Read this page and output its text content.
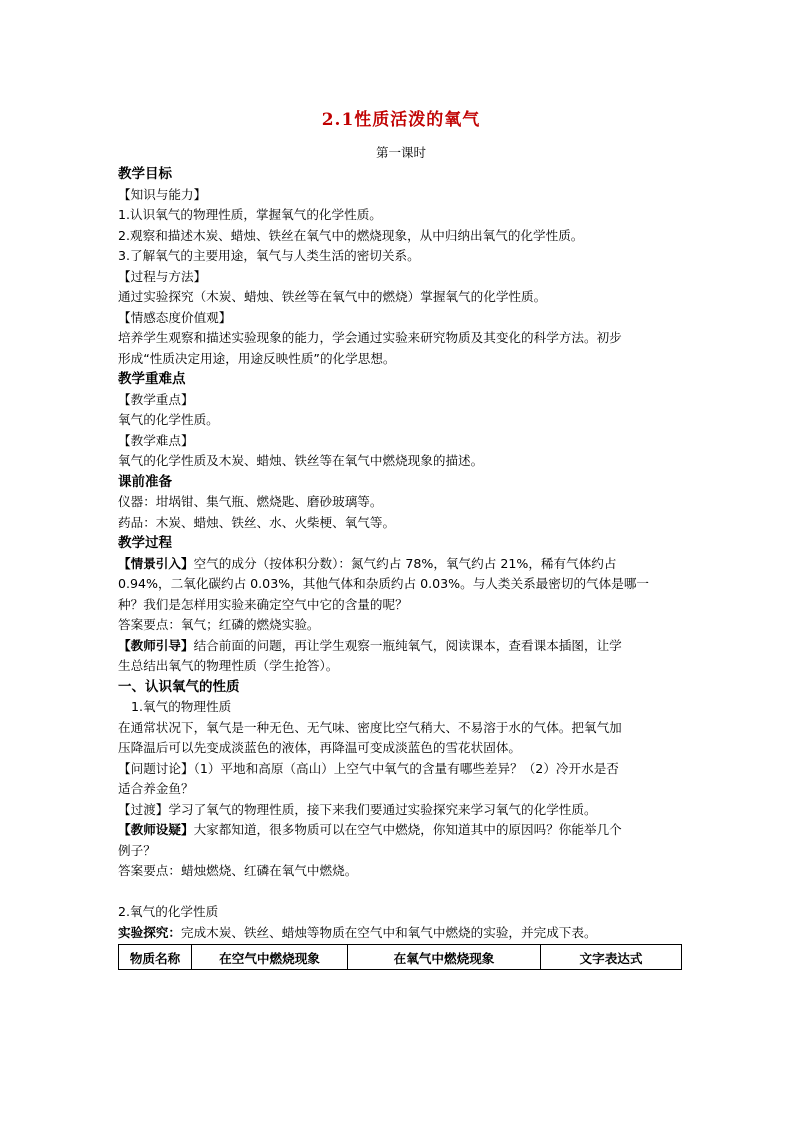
2.1性质活泼的氧气

第一课时

教学目标

【知识与能力】

1.认识氧气的物理性质，掌握氧气的化学性质。

2.观察和描述木炭、蜡烛、铁丝在氧气中的燃烧现象，从中归纳出氧气的化学性质。

3.了解氧气的主要用途，氧气与人类生活的密切关系。

【过程与方法】

通过实验探究（木炭、蜡烛、铁丝等在氧气中的燃烧）掌握氧气的化学性质。

【情感态度价值观】

培养学生观察和描述实验现象的能力，学会通过实验来研究物质及其变化的科学方法。初步

形成“性质决定用途，用途反映性质”的化学思想。

教学重难点

【教学重点】

氧气的化学性质。

【教学难点】

氧气的化学性质及木炭、蜡烛、铁丝等在氧气中燃烧现象的描述。

课前准备

仪器：坩埚钳、集气瓶、燃烧匙、磨砂玻璃等。

药品：木炭、蜡烛、铁丝、水、火柴梗、氧气等。

教学过程

【情景引入】空气的成分（按体积分数）：氮气约占 78%，氧气约占 21%，稀有气体约占

0.94%，二氧化碳约占 0.03%，其他气体和杂质约占 0.03%。与人类关系最密切的气体是哪一

种？我们是怎样用实验来确定空气中它的含量的呢？

答案要点：氧气；红磷的燃烧实验。

【教师引导】结合前面的问题，再让学生观察一瓶纯氧气，阅读课本，查看课本插图，让学

生总结出氧气的物理性质（学生抢答）。

一、认识氧气的性质

1.氧气的物理性质

在通常状况下，氧气是一种无色、无气味、密度比空气稍大、不易溶于水的气体。把氧气加

压降温后可以先变成淡蓝色的液体，再降温可变成淡蓝色的雪花状固体。

【问题讨论】（1）平地和高原（高山）上空气中氧气的含量有哪些差异？（2）冷开水是否

适合养金鱼？

【过渡】学习了氧气的物理性质，接下来我们要通过实验探究来学习氧气的化学性质。

【教师设疑】大家都知道，很多物质可以在空气中燃烧，你知道其中的原因吗？你能举几个

例子？

答案要点：蜡烛燃烧、红磷在氧气中燃烧。

2.氧气的化学性质

实验探究：完成木炭、铁丝、蜡烛等物质在空气中和氧气中燃烧的实验，并完成下表。

物质名称	在空气中燃烧现象	在氧气中燃烧现象	文字表达式
